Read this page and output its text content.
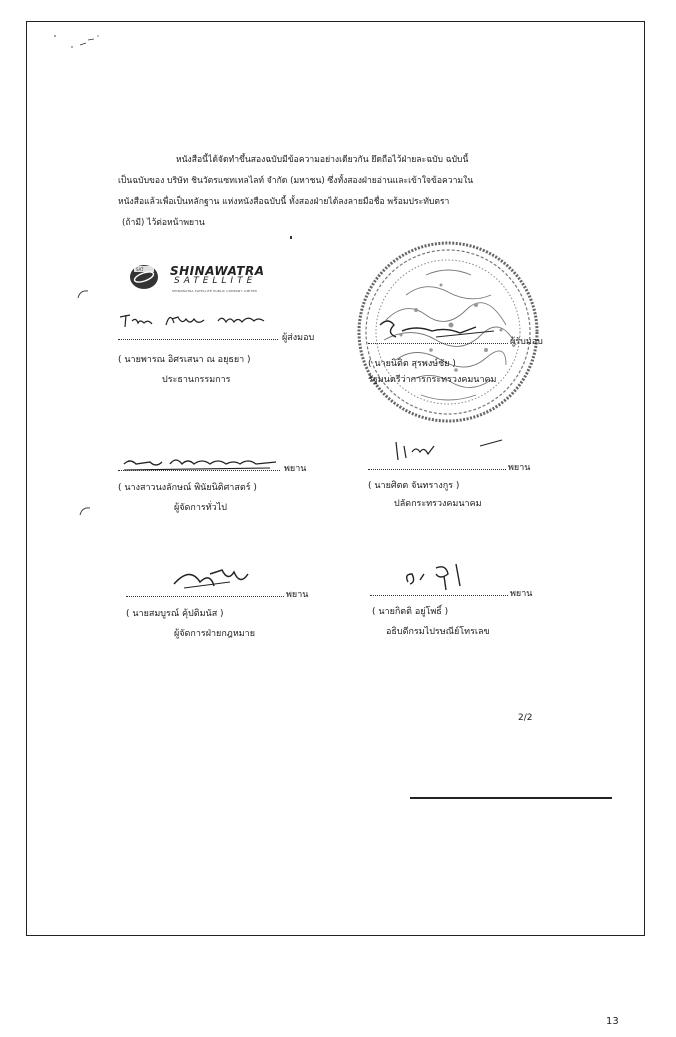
หนังสือนี้ได้จัดทำขึ้นสองฉบับมีข้อความอย่างเดียวกัน ยึดถือไว้ฝ่ายละฉบับ ฉบับนี้
เป็นฉบับของ บริษัท ชินวัตรแซทเทลไลท์ จำกัด (มหาชน) ซึ่งทั้งสองฝ่ายอ่านและเข้าใจข้อความใน
หนังสือแล้วเพื่อเป็นหลักฐาน แห่งหนังสือฉบับนี้ ทั้งสองฝ่ายได้ลงลายมือชื่อ พร้อมประทับตรา
(ถ้ามี) ไว้ต่อหน้าพยาน
SAT SHINAWATRA
SATELLITE
SHINAWATRA SATELLITE PUBLIC COMPANY LIMITED
ผู้ส่งมอบ
( นายพารณ อิศรเสนา ณ อยุธยา )
ประธานกรรมการ
ผู้รับมอบ
( นายนิติต สุรพงษ์ชัย )
รัฐมนตรีว่าการกระทรวงคมนาคม
พยาน
( นางสาวนงลักษณ์ พินัยนิติศาสตร์ )
ผู้จัดการทั่วไป
พยาน
( นายศิตต จันทรางกูร )
ปลัดกระทรวงคมนาคม
พยาน
( นายสมบูรณ์ คุ้ปติมนัส )
ผู้จัดการฝ่ายกฎหมาย
พยาน
( นายกิตติ อยู่โพธิ์ )
อธิบดีกรมไปรษณีย์โทรเลข
2/2
13
